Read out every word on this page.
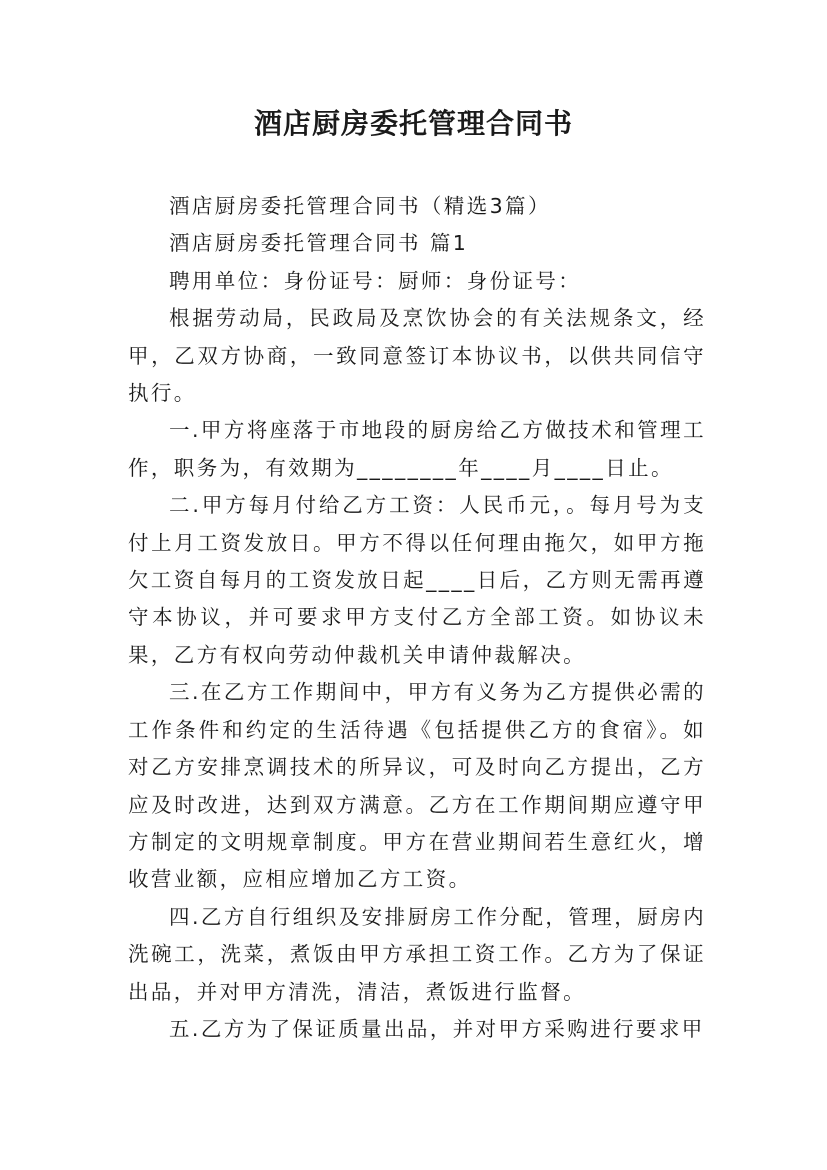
酒店厨房委托管理合同书

酒店厨房委托管理合同书（精选3篇）

酒店厨房委托管理合同书 篇1

聘用单位：身份证号：厨师：身份证号：

根据劳动局，民政局及烹饮协会的有关法规条文，经甲，乙双方协商，一致同意签订本协议书，以供共同信守执行。

一.甲方将座落于市地段的厨房给乙方做技术和管理工作，职务为，有效期为________年____月____日止。

二.甲方每月付给乙方工资：人民币元，。每月号为支付上月工资发放日。甲方不得以任何理由拖欠，如甲方拖欠工资自每月的工资发放日起____日后，乙方则无需再遵守本协议，并可要求甲方支付乙方全部工资。如协议未果，乙方有权向劳动仲裁机关申请仲裁解决。

三.在乙方工作期间中，甲方有义务为乙方提供必需的工作条件和约定的生活待遇《包括提供乙方的食宿》。如对乙方安排烹调技术的所异议，可及时向乙方提出，乙方应及时改进，达到双方满意。乙方在工作期间期应遵守甲方制定的文明规章制度。甲方在营业期间若生意红火，增收营业额，应相应增加乙方工资。

四.乙方自行组织及安排厨房工作分配，管理，厨房内洗碗工，洗菜，煮饭由甲方承担工资工作。乙方为了保证出品，并对甲方清洗，清洁，煮饭进行监督。

五.乙方为了保证质量出品，并对甲方采购进行要求甲
